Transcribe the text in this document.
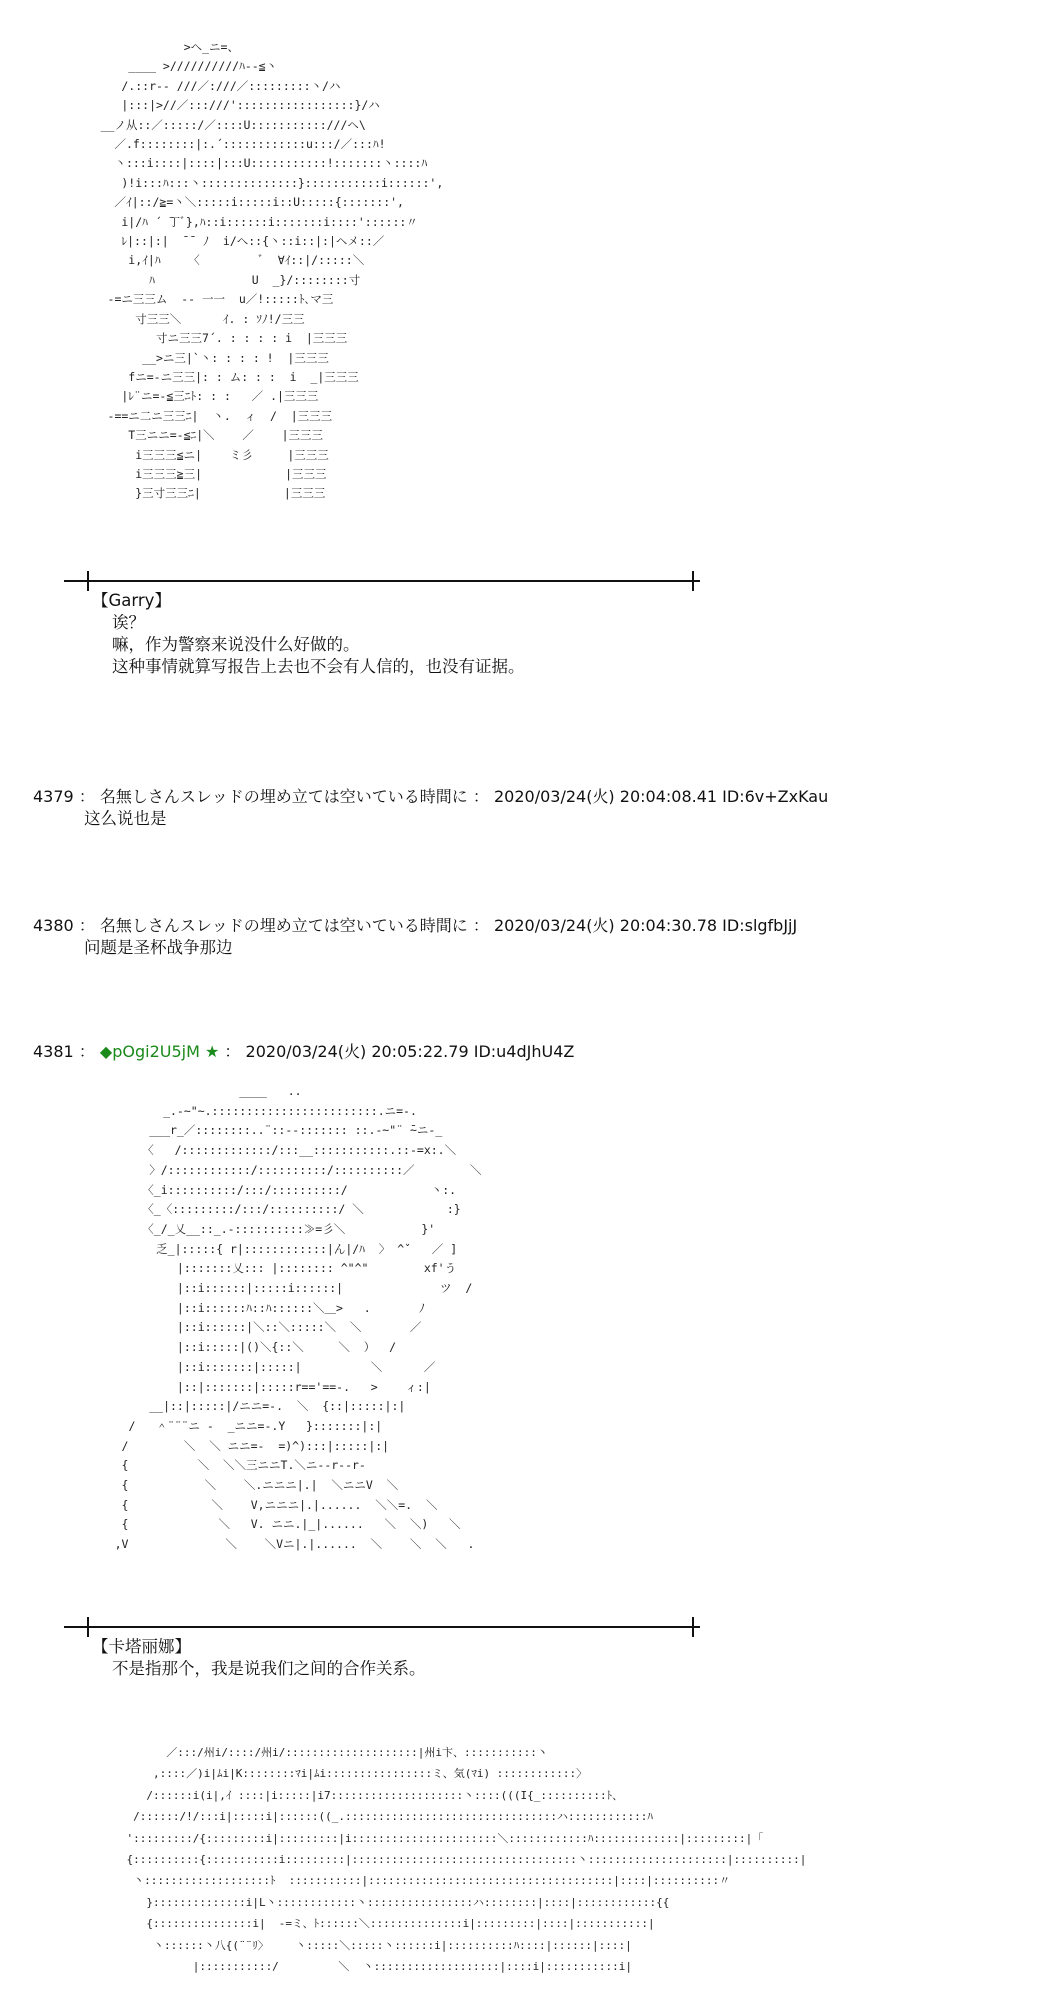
>ヘ_ニ=、
____ >//////////ﾊ--≦丶
/.::r-- ///／:///／:::::::::丶/ハ
|:::|>//／:::///':::::::::::::::::}/ハ
__ノ从::／:::::/／::::U:::::::::::///ヘ\
／.f::::::::|:.´::::::::::::u:::/／:::ﾊ!
丶:::i::::|::::|:::U:::::::::::!:::::::丶::::ﾊ
)!i:::ﾊ:::丶::::::::::::::}:::::::::::i::::::',
／ｲ|::/≧=丶＼:::::i:::::i::U:::::{:::::::',
i|/ﾊ ´ ̄丁ﾞ},ﾊ::i::::::i:::::::i::::'::::::〃
ﾚ|::|:|  ̄ ̄  ﾉ  i/へ::{丶::i::|:|ヘメ::／
i,ｲ|ﾊ    〈         ﾞ  ∀ｲ::|/:::::＼
ﾊ              U  _}/::::::::寸
-=ニ三三ム  -- 一一  u／!:::::ﾄ､マ三
寸三三＼      ｲ. : ｿﾉ!/三三
寸ニ三三7´. : : : : i  |三三三
__>ニ三|`丶: : : : !  |三三三
fニ=-ニ三三|: : ム: : :  i  _|三三三
|ﾚ¨ニ=-≦三ﾆﾄ: : :   ／ .|三三三
-==ニ二ニ三三ﾆ|  丶.  ィ  /  |三三三
T三ニニ=-≦ﾆ|＼    ／    |三三三
i三三三≦ニ|    ミ彡     |三三三
i三三三≧三|            |三三三
}三寸三三ﾆ|            |三三三
【Garry】
诶？
嘛，作为警察来说没什么好做的。
这种事情就算写报告上去也不会有人信的，也没有证据。
4379 ： 名無しさんスレッドの埋め立ては空いている時間に ： 2020/03/24(火) 20:04:08.41 ID:6v+ZxKau
这么说也是
4380 ： 名無しさんスレッドの埋め立ては空いている時間に ： 2020/03/24(火) 20:04:30.78 ID:slgfbJjJ
问题是圣杯战争那边
4381 ： ◆pOgi2U5jM ★ ： 2020/03/24(火) 20:05:22.79 ID:u4dJhU4Z
____   ..
_.-~"~.::::::::::::::::::::::::.ニ=-.
___r_／::::::::..¨::--::::::: ::.-~"¨ ̄~ニ-_
〈   /:::::::::::::/:::__:::::::::::.::-=x:.＼
〉/::::::::::::/::::::::::/::::::::::／        ＼
〈_i::::::::::/:::/::::::::::/            丶:.
〈_〈:::::::::/:::/::::::::::/ ＼            :}
〈_/_乂__::_.-::::::::::≫=彡＼           }'
乏_|:::::{ r|::::::::::::|ん|/ﾊ  〉 ^ˇ   ／ ]
|:::::::乂::: |:::::::: ^"^"        xf'う
|::i::::::|:::::i::::::|              ツ  /
|::i::::::ﾊ::ﾊ::::::＼＿>   .       ﾉ
|::i::::::|＼::＼:::::＼  ＼       ／
|::i:::::|()＼{::＼     ＼  ）  /
|::i:::::::|:::::|          ＼      ／
|::|:::::::|:::::r=='==-.   >    ィ:|
__|::|:::::|/ニニ=-.  ＼  {::|:::::|:|
/   ＾¨¨¨ニ ‐  _ニニ=-.Y   }:::::::|:|
/        ＼  ＼ ニニ=-  =)^):::|:::::|:|
{          ＼  ＼＼三ニニT.＼ニ-‐r-‐r-
{           ＼    ＼.ニニニ|.|  ＼ニニV  ＼
{            ＼    V,ニニニ|.|......  ＼＼=.  ＼
{             ＼   V. ニニ.|_|......   ＼  ＼)   ＼
,V              ＼    ＼Vニ|.|......  ＼    ＼  ＼   .

【卡塔丽娜】
不是指那个，我是说我们之间的合作关系。
／:::/州i/::::/州i/::::::::::::::::::::|州i卞、:::::::::::丶
,::::／)i|ﾑi|K::::::::ﾏi|ﾑi::::::::::::::::ミ、気(ﾏi) ::::::::::::〉
/::::::i(i|,ｲ ::::|i:::::|i7::::::::::::::::::::丶::::(((I{_::::::::::ﾄ、
/::::::/!/:::i|:::::i|::::::((_.::::::::::::::::::::::::::::::::ハ::::::::::::ﾊ
':::::::::/{:::::::::i|:::::::::|i::::::::::::::::::::::＼::::::::::::ﾊ:::::::::::::|:::::::::|「
{::::::::::{:::::::::::i:::::::::|::::::::::::::::::::::::::::::::::丶:::::::::::::::::::::|::::::::::|
丶:::::::::::::::::::ﾄ  :::::::::::|:::::::::::::::::::::::::::::::::::::|::::|::::::::::〃
}::::::::::::::i|L丶::::::::::::丶::::::::::::::::ハ::::::::|::::|::::::::::::{{
{:::::::::::::::i|  -=ミ、ﾄ::::::＼::::::::::::::i|:::::::::|::::|:::::::::::|
丶::::::丶八{(¨¨ﾘ〉    丶:::::＼:::::丶::::::i|::::::::::ﾊ::::|::::::|::::|
|:::::::::::/         ＼  丶:::::::::::::::::::|::::i|:::::::::::i|
